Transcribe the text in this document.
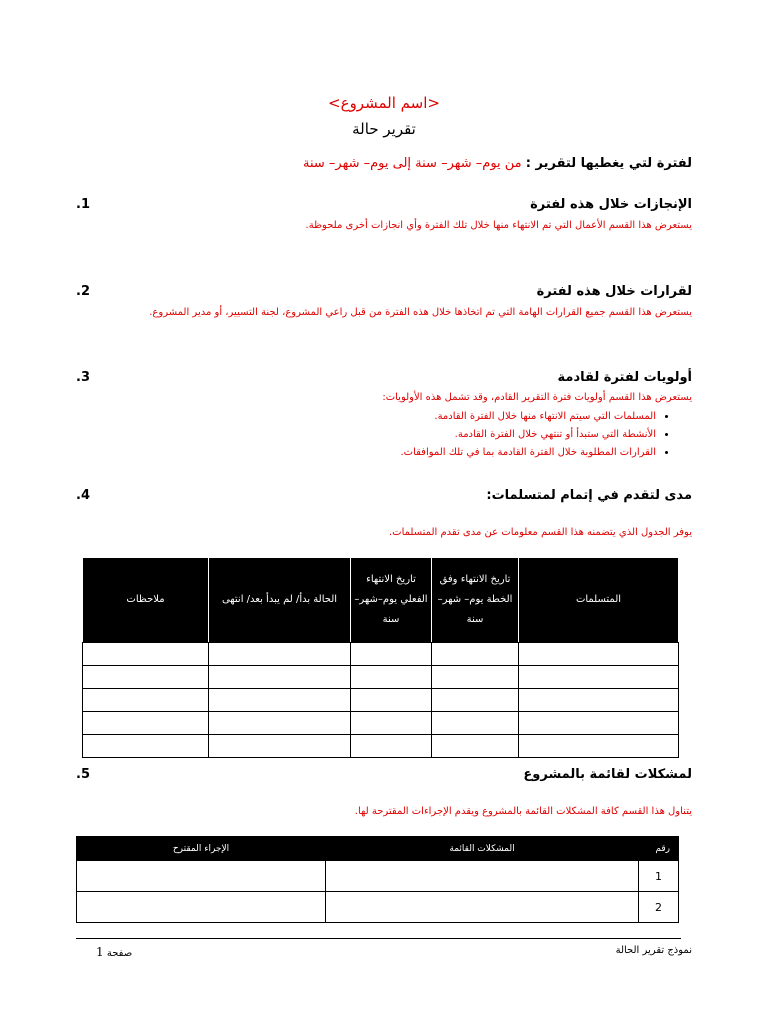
<اسم المشروع>
تقرير حالة
لفترة لتي يغطيها لتقرير : من يوم– شهر– سنة إلى يوم– شهر– سنة
الإنجازات خلال هذه لفترة
.1
يستعرض هذا القسم الأعمال التي تم الانتهاء منها خلال تلك الفترة وأي انجازات أخرى ملحوظة.
لقرارات خلال هذه لفترة
.2
يستعرض هذا القسم جميع القرارات الهامة التي تم اتخاذها خلال هذه الفترة من قبل راعي المشروع، لجنة التسيير، أو مدير المشروع.
أولويات لفترة لقادمة
.3
يستعرض هذا القسم أولويات فترة التقرير القادم، وقد تشمل هذه الأولويات:
• المسلمات التي سيتم الانتهاء منها خلال الفترة القادمة.
• الأنشطة التي ستبدأ أو تنتهي خلال الفترة القادمة.
• القرارات المطلوبة خلال الفترة القادمة بما في تلك الموافقات.
مدى لتقدم في إتمام لمتسلمات:
.4
يوفر الجدول الذي يتضمنه هذا القسم معلومات عن مدى تقدم المتسلمات.
المتسلمات	تاريخ الانتهاء وفق الخطة يوم– شهر– سنة	تاريخ الانتهاء الفعلي يوم–شهر–سنة	الحالة بدأ/ لم يبدأ بعد/ انتهى	ملاحظات

لمشكلات لقائمة بالمشروع
.5
يتناول هذا القسم كافة المشكلات القائمة بالمشروع ويقدم الإجراءات المقترحة لها.
رقم	المشكلات القائمة	الإجراء المقترح
1		
2		
نموذج تقرير الحالة
صفحة 1
